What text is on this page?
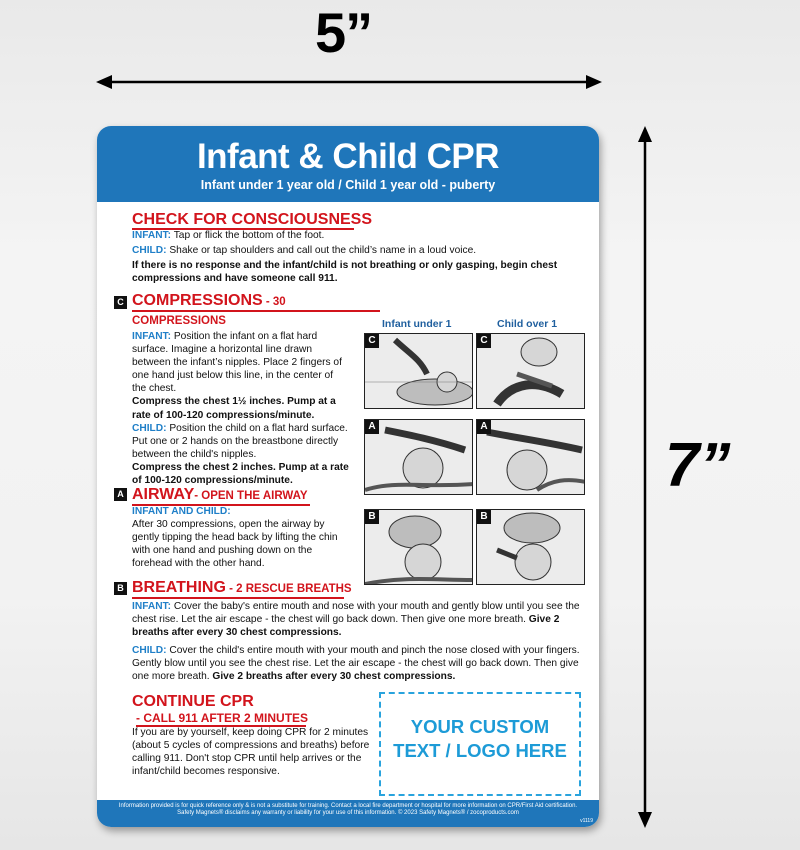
5”
7”
Infant & Child CPR
Infant under 1 year old / Child 1 year old - puberty
CHECK FOR CONSCIOUSNESS
INFANT: Tap or flick the bottom of the foot.
CHILD: Shake or tap shoulders and call out the child’s name in a loud voice.
If there is no response and the infant/child is not breathing or only gasping, begin chest compressions and have someone call 911.
C COMPRESSIONS - 30 COMPRESSIONS
INFANT: Position the infant on a flat hard surface. Imagine a horizontal line drawn between the infant’s nipples. Place 2 fingers of one hand just below this line, in the center of the chest.
Compress the chest 1½ inches. Pump at a rate of 100-120 compressions/minute.
CHILD: Position the child on a flat hard surface. Put one or 2 hands on the breastbone directly between the child's nipples.
Compress the chest 2 inches. Pump at a rate of 100-120 compressions/minute.
A AIRWAY- OPEN THE AIRWAY
INFANT AND CHILD:
After 30 compressions, open the airway by gently tipping the head back by lifting the chin with one hand and pushing down on the forehead with the other hand.
Infant under 1	Child over 1
C	C
A	A
B	B
B BREATHING - 2 RESCUE BREATHS
INFANT: Cover the baby's entire mouth and nose with your mouth and gently blow until you see the chest rise. Let the air escape - the chest will go back down. Then give one more breath. Give 2 breaths after every 30 chest compressions.
CHILD: Cover the child's entire mouth with your mouth and pinch the nose closed with your fingers. Gently blow until you see the chest rise. Let the air escape - the chest will go back down. Then give one more breath. Give 2 breaths after every 30 chest compressions.
CONTINUE CPR
- CALL 911 AFTER 2 MINUTES
If you are by yourself, keep doing CPR for 2 minutes (about 5 cycles of compressions and breaths) before calling 911. Don't stop CPR until help arrives or the infant/child becomes responsive.
YOUR CUSTOM
TEXT / LOGO HERE
Information provided is for quick reference only & is not a substitute for training. Contact a local fire department or hospital for more information on CPR/First Aid certification.
Safety Magnets® disclaims any warranty or liability for your use of this information. © 2023 Safety Magnets® / zocoproducts.com
v1119
